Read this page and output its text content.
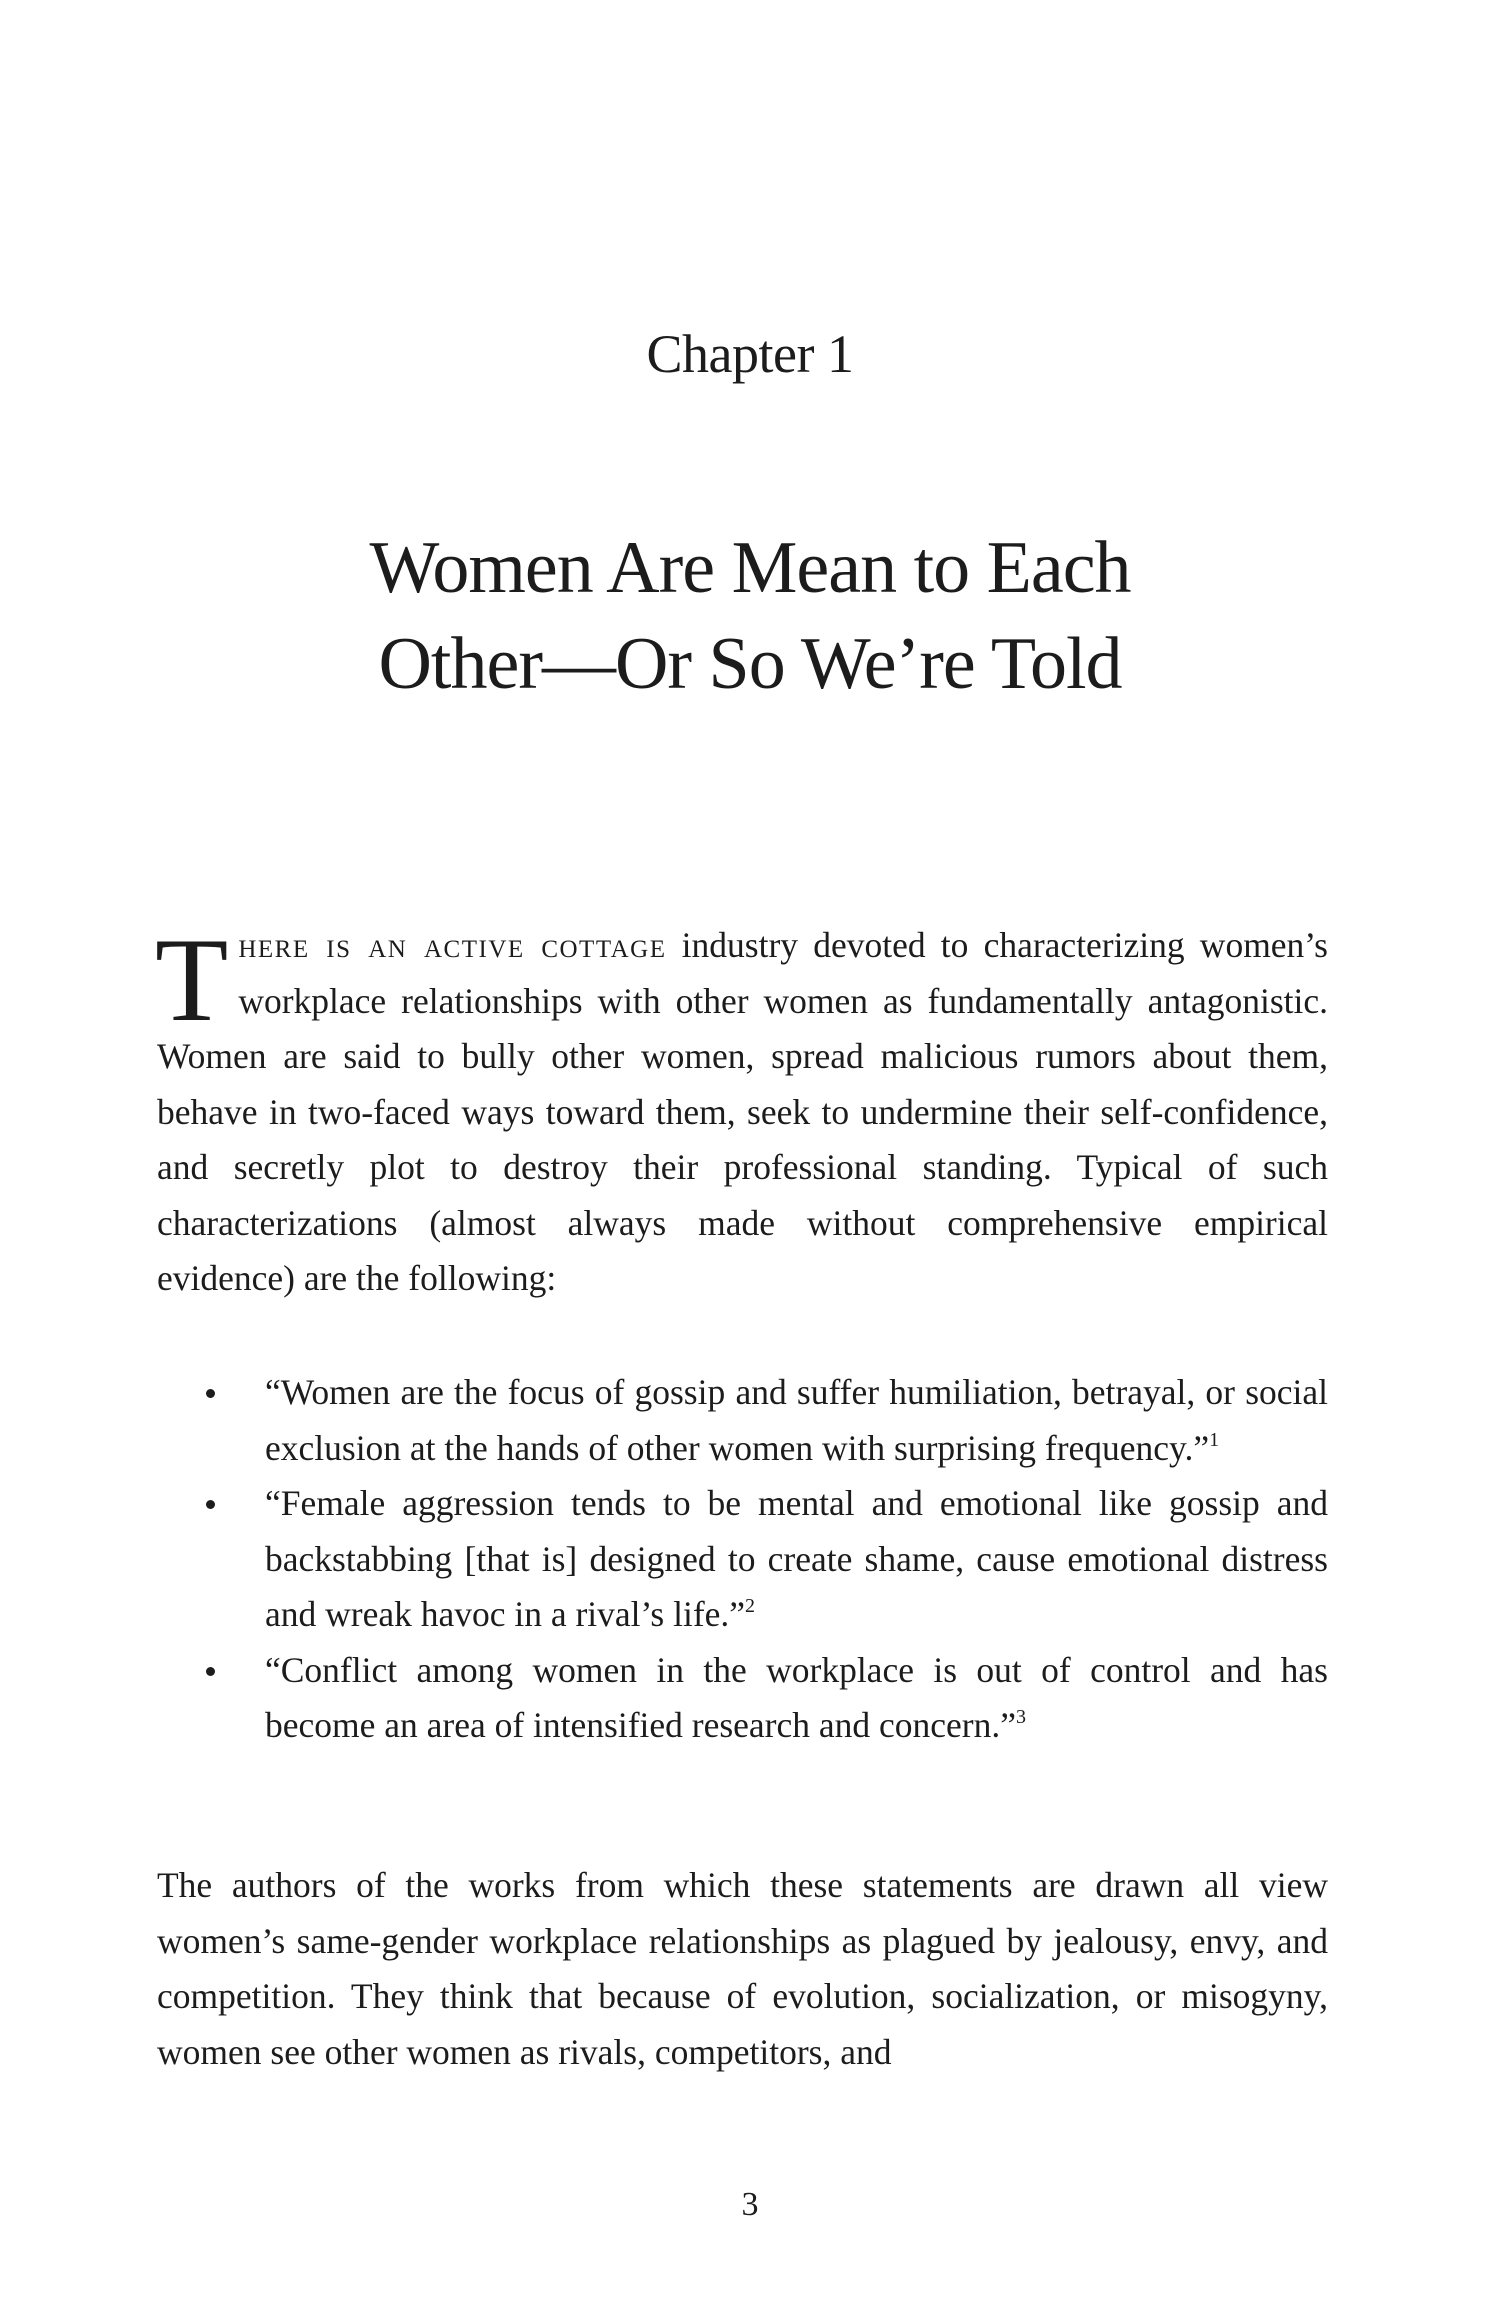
Chapter 1
Women Are Mean to Each
Other—Or So We’re Told

There is an active cottage industry devoted to characterizing women’s workplace relationships with other women as fundamentally antagonistic. Women are said to bully other women, spread malicious rumors about them, behave in two-faced ways toward them, seek to undermine their self-confidence, and secretly plot to destroy their professional standing. Typical of such characterizations (almost always made without comprehensive empirical evidence) are the following:

“Women are the focus of gossip and suffer humiliation, betrayal, or social exclusion at the hands of other women with surprising frequency.”$^1$
“Female aggression tends to be mental and emotional like gossip and backstabbing [that is] designed to create shame, cause emotional distress and wreak havoc in a rival’s life.”$^2$
“Conflict among women in the workplace is out of control and has become an area of intensified research and concern.”$^3$

The authors of the works from which these statements are drawn all view women’s same-gender workplace relationships as plagued by jealousy, envy, and competition. They think that because of evolution, socialization, or misogyny, women see other women as rivals, competitors, and

3
